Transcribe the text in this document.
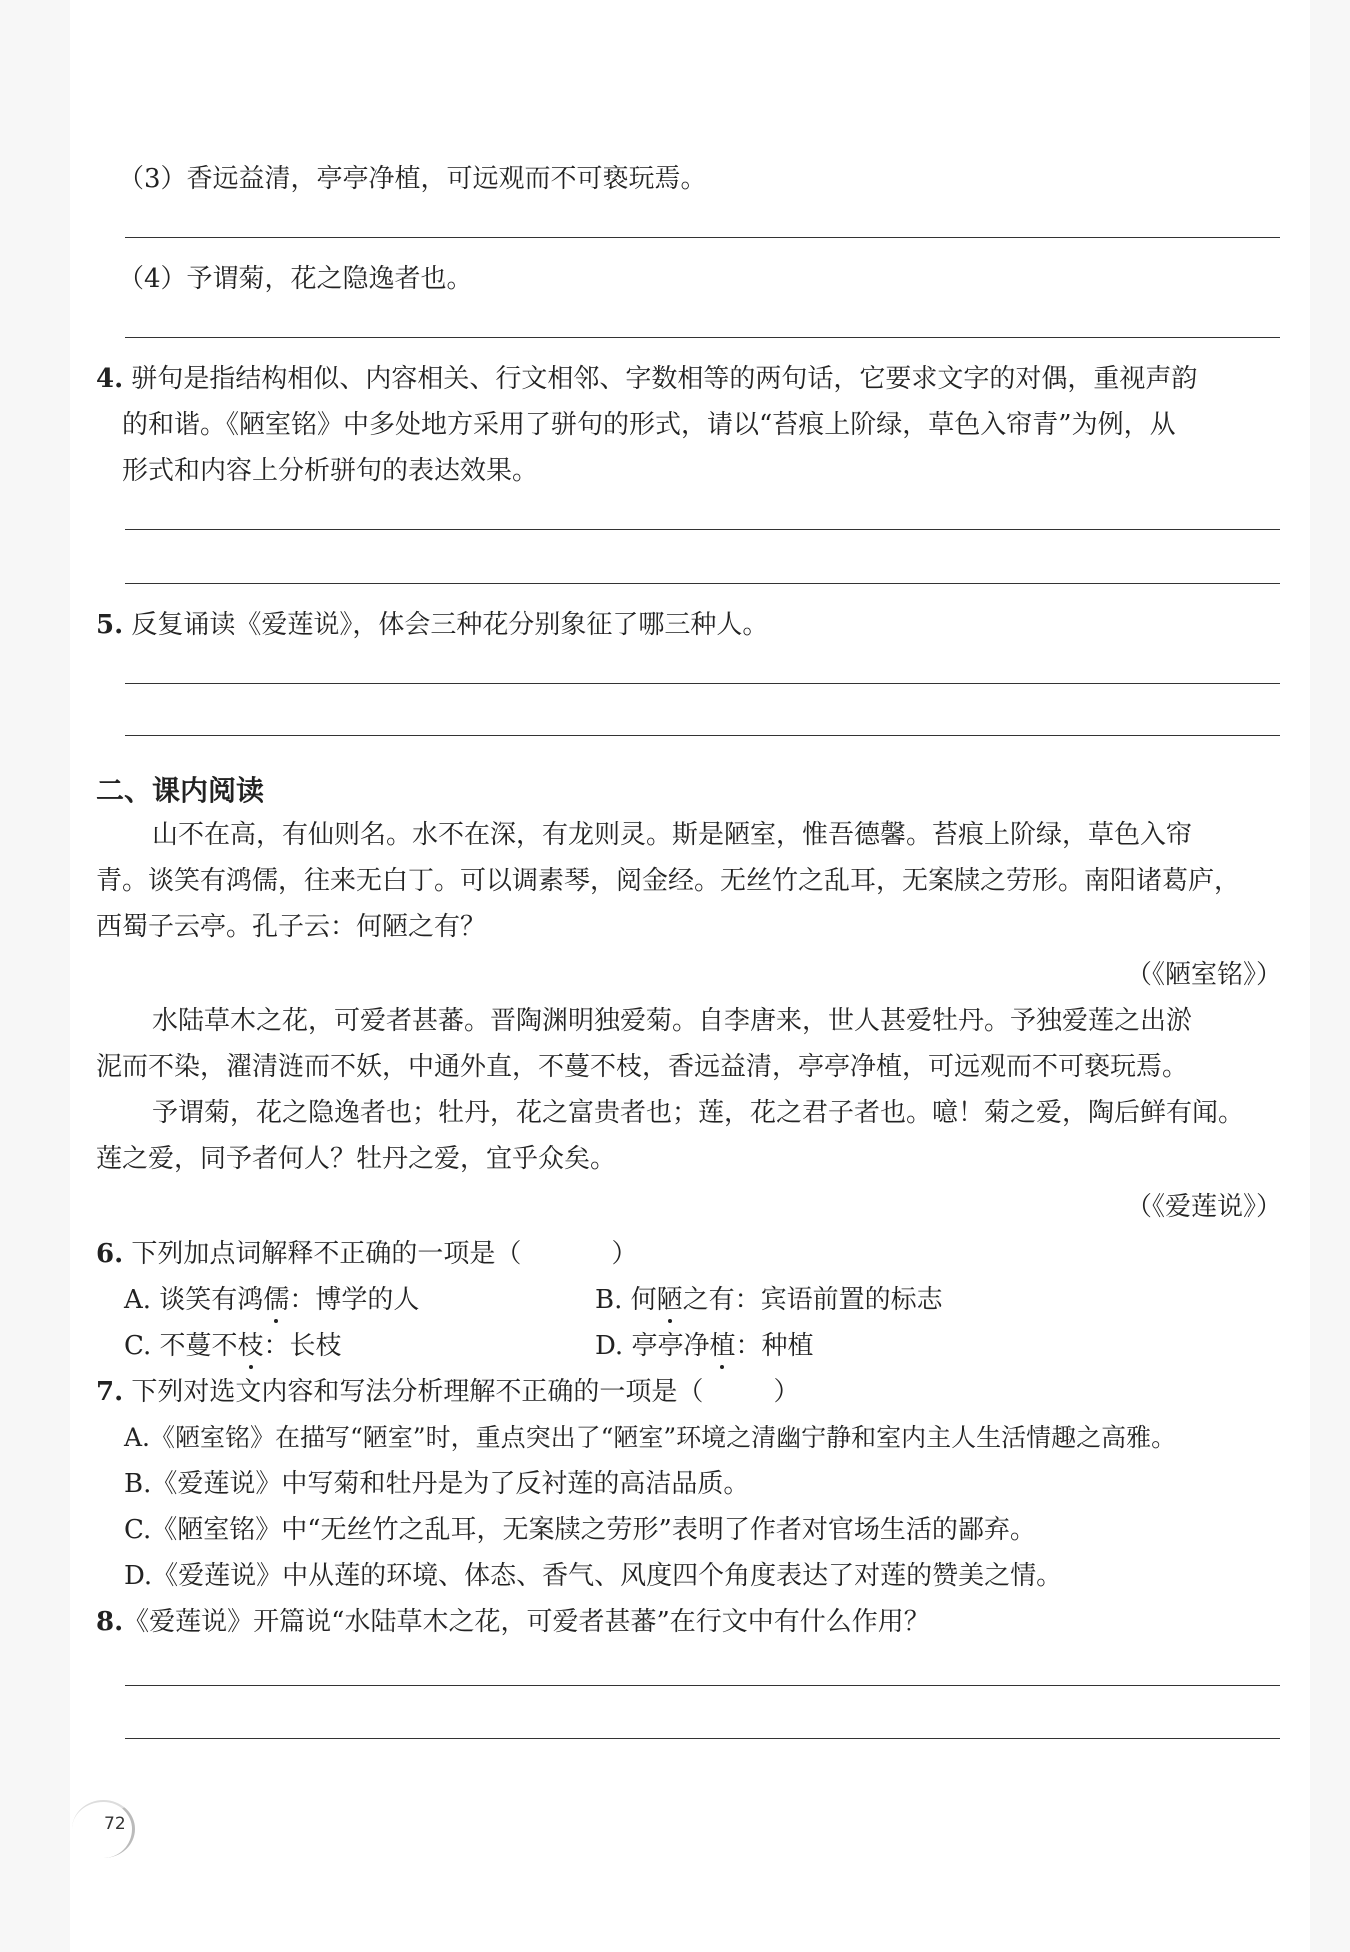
（3）香远益清，亭亭净植，可远观而不可亵玩焉。
（4）予谓菊，花之隐逸者也。
4. 骈句是指结构相似、内容相关、行文相邻、字数相等的两句话，它要求文字的对偶，重视声韵
的和谐。《陋室铭》中多处地方采用了骈句的形式，请以“苔痕上阶绿，草色入帘青”为例，从
形式和内容上分析骈句的表达效果。
5. 反复诵读《爱莲说》，体会三种花分别象征了哪三种人。
二、课内阅读
山不在高，有仙则名。水不在深，有龙则灵。斯是陋室，惟吾德馨。苔痕上阶绿，草色入帘
青。谈笑有鸿儒，往来无白丁。可以调素琴，阅金经。无丝竹之乱耳，无案牍之劳形。南阳诸葛庐，
西蜀子云亭。孔子云：何陋之有？
（《陋室铭》）
水陆草木之花，可爱者甚蕃。晋陶渊明独爱菊。自李唐来，世人甚爱牡丹。予独爱莲之出淤
泥而不染，濯清涟而不妖，中通外直，不蔓不枝，香远益清，亭亭净植，可远观而不可亵玩焉。
予谓菊，花之隐逸者也；牡丹，花之富贵者也；莲，花之君子者也。噫！菊之爱，陶后鲜有闻。
莲之爱，同予者何人？牡丹之爱，宜乎众矣。
（《爱莲说》）
6. 下列加点词解释不正确的一项是（	）
A. 谈笑有鸿儒：博学的人	B. 何陋之有：宾语前置的标志
C. 不蔓不枝：长枝	D. 亭亭净植：种植
7. 下列对选文内容和写法分析理解不正确的一项是（	）
A.《陋室铭》在描写“陋室”时，重点突出了“陋室”环境之清幽宁静和室内主人生活情趣之高雅。
B.《爱莲说》中写菊和牡丹是为了反衬莲的高洁品质。
C.《陋室铭》中“无丝竹之乱耳，无案牍之劳形”表明了作者对官场生活的鄙弃。
D.《爱莲说》中从莲的环境、体态、香气、风度四个角度表达了对莲的赞美之情。
8.《爱莲说》开篇说“水陆草木之花，可爱者甚蕃”在行文中有什么作用？
72
